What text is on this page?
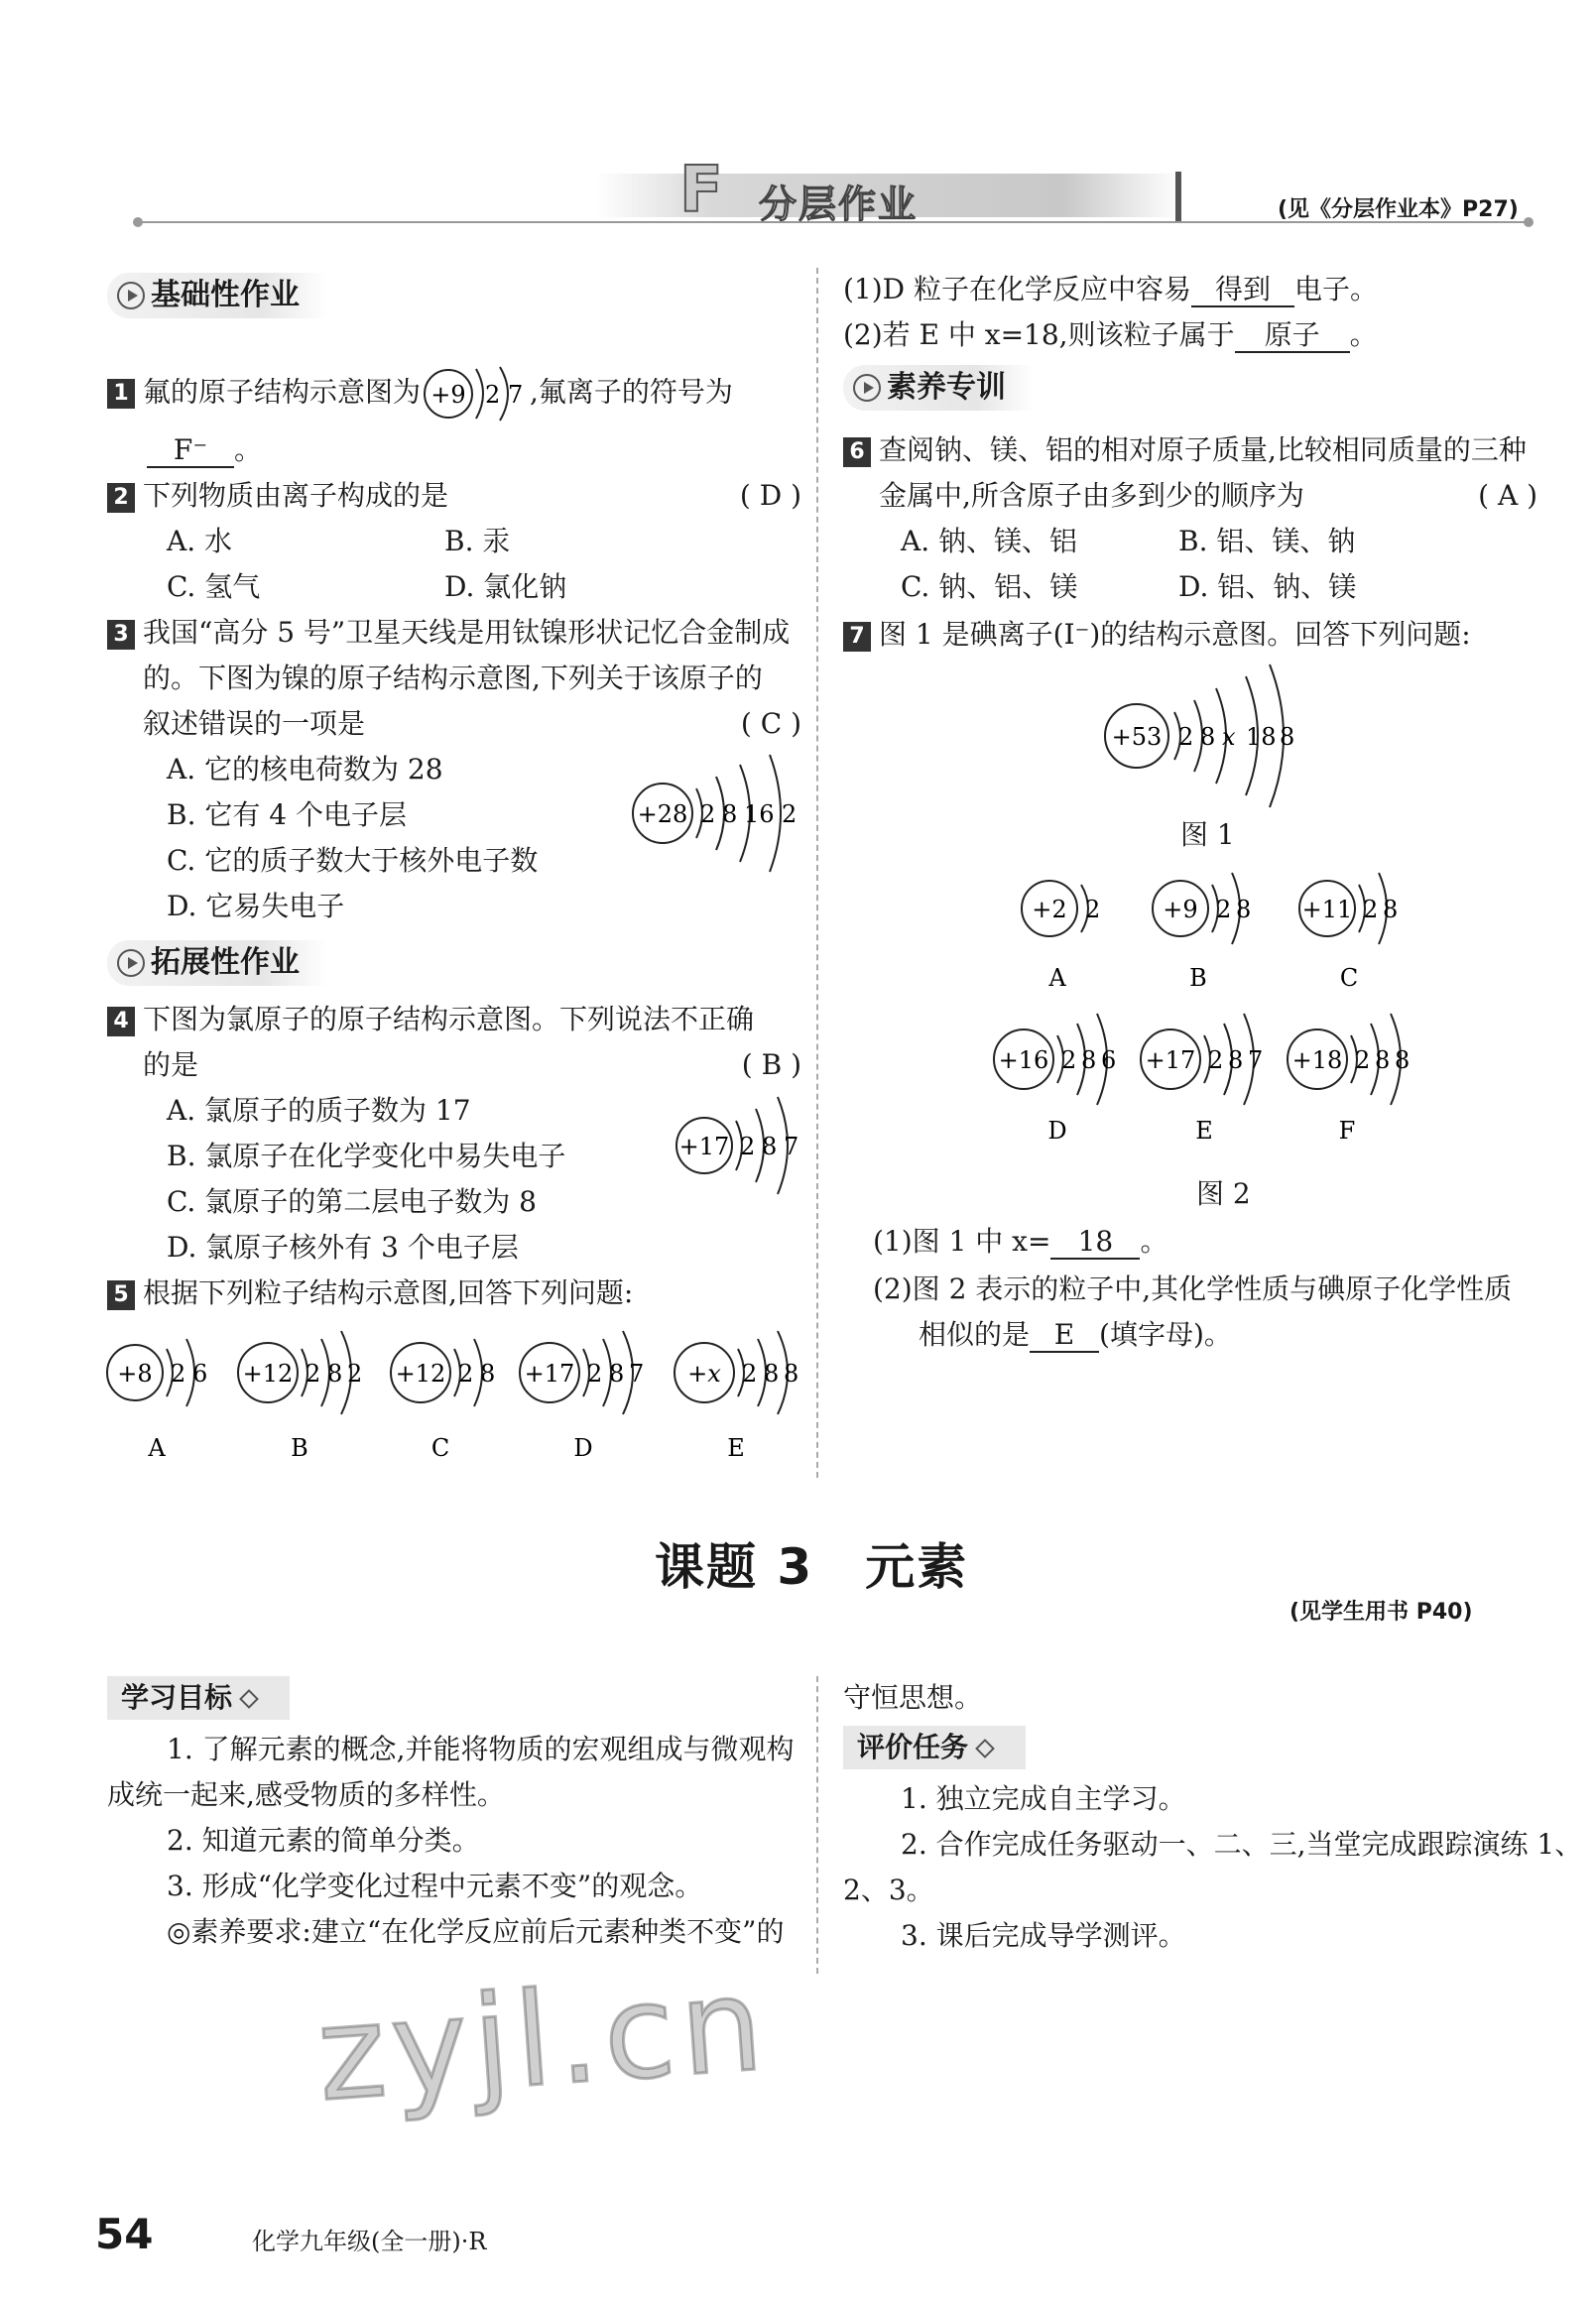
F 分层作业	(见《分层作业本》P27)
基础性作业
1 氟的原子结构示意图为 +9 2 7 ,氟离子的符号为
F⁻ 。
2 下列物质由离子构成的是	( D )
A. 水	B. 汞
C. 氢气	D. 氯化钠
3 我国“高分 5 号”卫星天线是用钛镍形状记忆合金制成
的。下图为镍的原子结构示意图,下列关于该原子的
叙述错误的一项是	( C )
A. 它的核电荷数为 28
B. 它有 4 个电子层
C. 它的质子数大于核外电子数
D. 它易失电子
+28 2 8 16 2
拓展性作业
4 下图为氯原子的原子结构示意图。下列说法不正确
的是	( B )
A. 氯原子的质子数为 17
B. 氯原子在化学变化中易失电子
C. 氯原子的第二层电子数为 8
D. 氯原子核外有 3 个电子层
+17 2 8 7
5 根据下列粒子结构示意图,回答下列问题:
+8 2 6
A
+12 2 8 2
B
+12 2 8
C
+17 2 8 7
D
+x 2 8 8
E
(1)D 粒子在化学反应中容易 得到 电子。
(2)若 E 中 x=18,则该粒子属于 原子 。
素养专训
6 查阅钠、镁、铝的相对原子质量,比较相同质量的三种
金属中,所含原子由多到少的顺序为	( A )
A. 钠、镁、铝	B. 铝、镁、钠
C. 钠、铝、镁	D. 铝、钠、镁
7 图 1 是碘离子(I⁻)的结构示意图。回答下列问题:
+53 2 8 x 18 8
图 1
+2 2
A
+9 2 8
B
+11 2 8
C
+16 2 8 6
D
+17 2 8 7
E
+18 2 8 8
F
图 2
(1)图 1 中 x= 18 。
(2)图 2 表示的粒子中,其化学性质与碘原子化学性质
相似的是 E (填字母)。
课题 3　元素
(见学生用书 P40)
学习目标
1. 了解元素的概念,并能将物质的宏观组成与微观构
成统一起来,感受物质的多样性。
2. 知道元素的简单分类。
3. 形成“化学变化过程中元素不变”的观念。
◎素养要求:建立“在化学反应前后元素种类不变”的
守恒思想。
评价任务
1. 独立完成自主学习。
2. 合作完成任务驱动一、二、三,当堂完成跟踪演练 1、
2、3。
3. 课后完成导学测评。
zyjl.cn
54	化学九年级(全一册)·R
